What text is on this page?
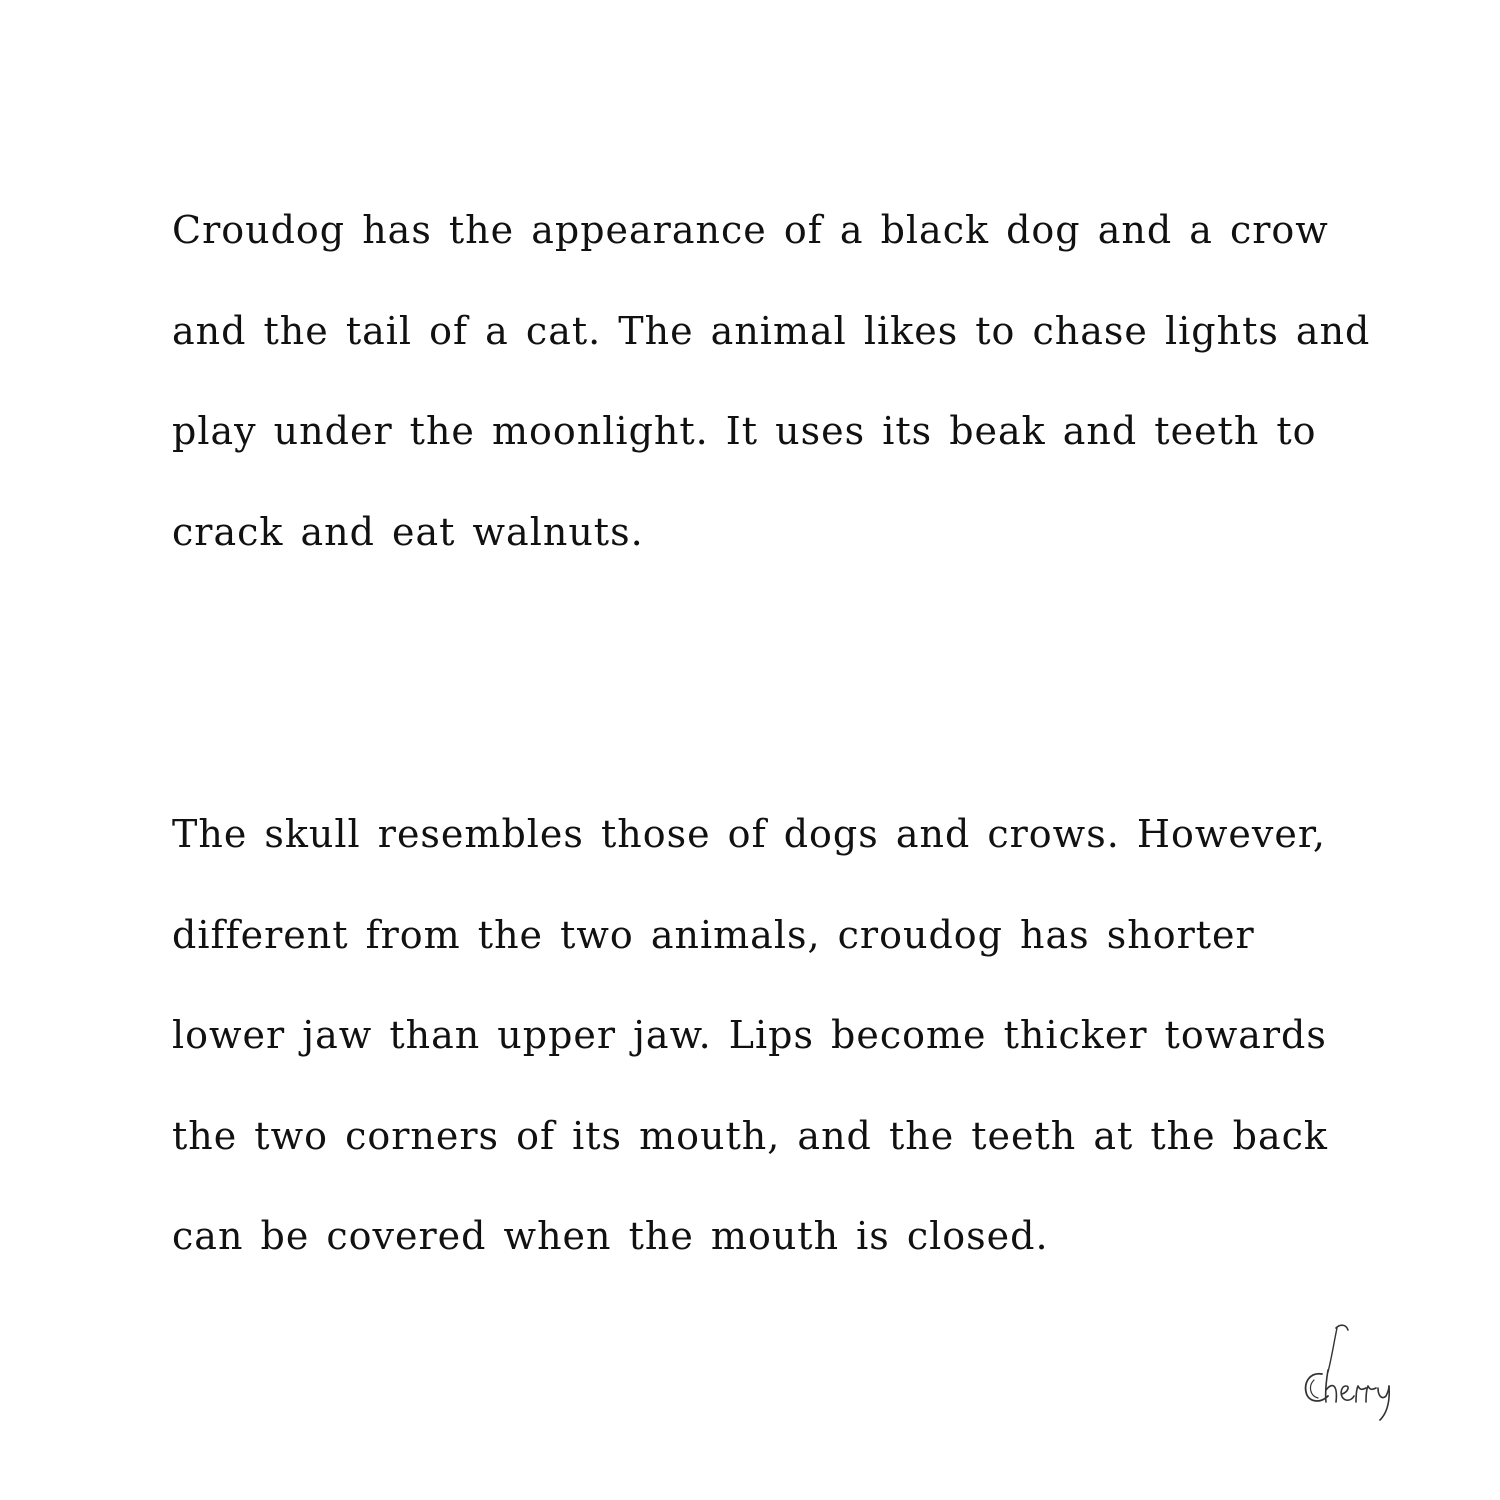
Croudog has the appearance of a black dog and a crow
and the tail of a cat. The animal likes to chase lights and
play under the moonlight. It uses its beak and teeth to
crack and eat walnuts.
The skull resembles those of dogs and crows. However,
different from the two animals, croudog has shorter
lower jaw than upper jaw. Lips become thicker towards
the two corners of its mouth, and the teeth at the back
can be covered when the mouth is closed.
